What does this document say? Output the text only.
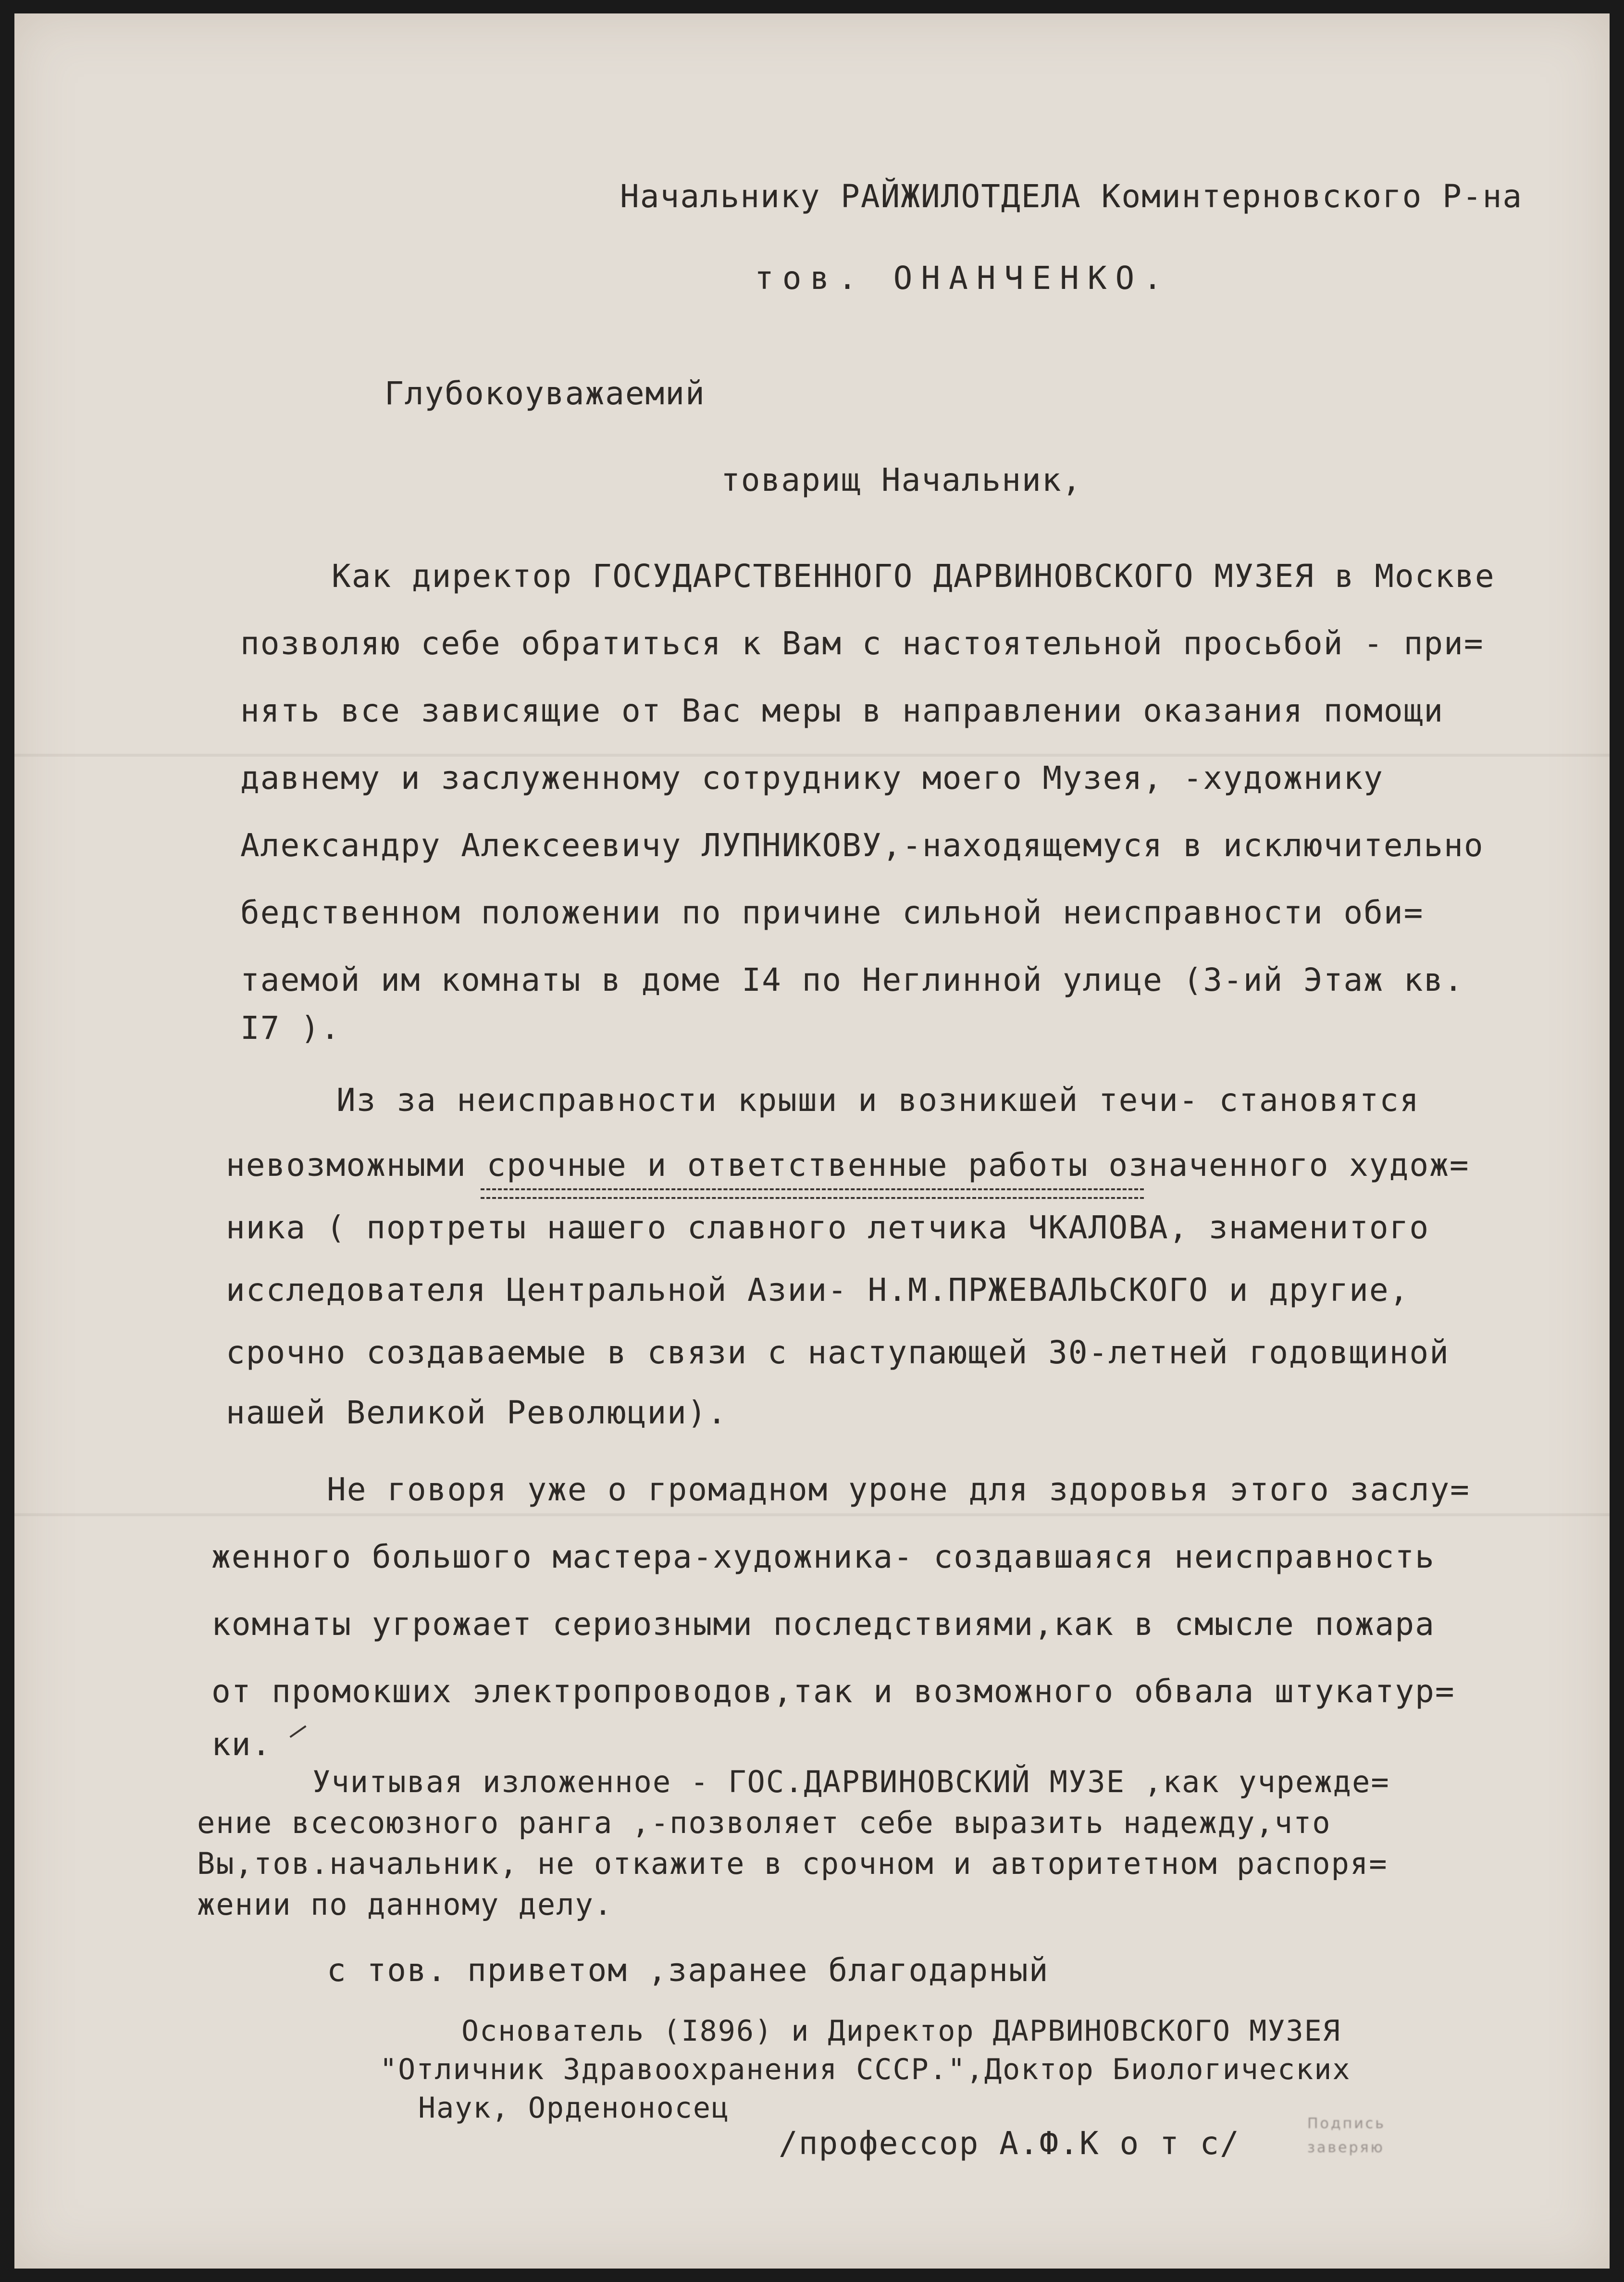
Начальнику РАЙЖИЛОТДЕЛА Коминтерновского Р-на
тов. ОНАНЧЕНКО.
Глубокоуважаемий
товарищ Начальник,
Как директор ГОСУДАРСТВЕННОГО ДАРВИНОВСКОГО МУЗЕЯ в Москве
позволяю себе обратиться к Вам с настоятельной просьбой - при=
нять все зависящие от Вас меры в направлении оказания помощи
давнему и заслуженному сотруднику моего Музея, -художнику
Александру Алексеевичу ЛУПНИКОВУ,-находящемуся в исключительно
бедственном положении по причине сильной неисправности оби=
таемой им комнаты в доме I4 по Неглинной улице (3-ий Этаж кв.
I7 ).
Из за неисправности крыши и возникшей течи- становятся
невозможными срочные и ответственные работы означенного худож=
ника ( портреты нашего славного летчика ЧКАЛОВА, знаменитого
исследователя Центральной Азии- Н.М.ПРЖЕВАЛЬСКОГО и другие,
срочно создаваемые в связи с наступающей 30-летней годовщиной
нашей Великой Революции).
Не говоря уже о громадном уроне для здоровья этого заслу=
женного большого мастера-художника- создавшаяся неисправность
комнаты угрожает сериозными последствиями,как в смысле пожара
от промокших электропроводов,так и возможного обвала штукатур=
ки.
Учитывая изложенное - ГОС.ДАРВИНОВСКИЙ МУЗЕ ,как учрежде=
ение всесоюзного ранга ,-позволяет себе выразить надежду,что
Вы,тов.начальник, не откажите в срочном и авторитетном распоря=
жении по данному делу.
с тов. приветом ,заранее благодарный
Основатель (I896) и Директор ДАРВИНОВСКОГО МУЗЕЯ
"Отличник Здравоохранения СССР.",Доктор Биологических
Наук, Орденоносец
/профессор А.Ф.К о т с/
Подпись
заверяю
